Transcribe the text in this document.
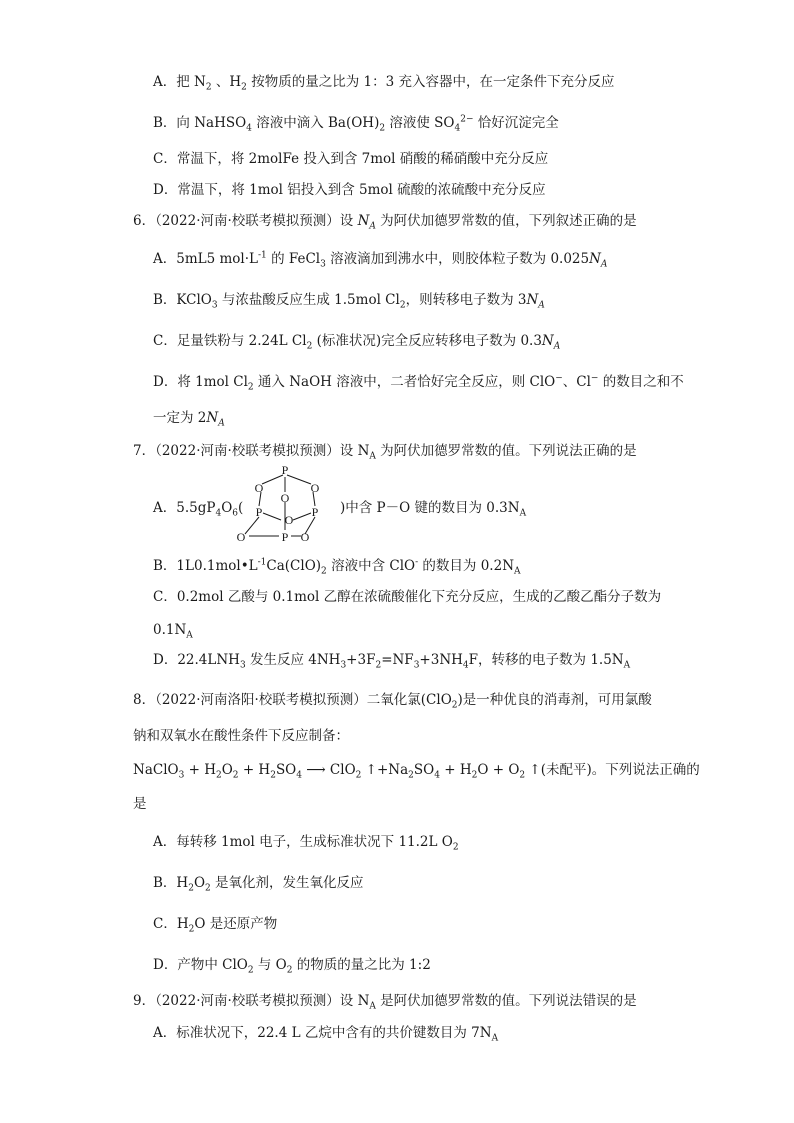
A．把 $N_2$ 、$H_2$ 按物质的量之比为 1：3 充入容器中，在一定条件下充分反应
B．向 NaHSO$_4$ 溶液中滴入 $Ba(OH)_2$ 溶液使 $SO_4^{2-}$ 恰好沉淀完全
C．常温下，将 2molFe 投入到含 7mol 硝酸的稀硝酸中充分反应
D．常温下，将 1mol 铝投入到含 5mol 硫酸的浓硫酸中充分反应
6．（2022·河南·校联考模拟预测）设 $N_A$ 为阿伏加德罗常数的值，下列叙述正确的是
A．5mL5 $mol\cdot L^{-1}$ 的 FeCl$_3$ 溶液滴加到沸水中，则胶体粒子数为 $0.025N_A$
B．KClO$_3$ 与浓盐酸反应生成 1.5mol $Cl_2$，则转移电子数为 $3N_A$
C．足量铁粉与 2.24L $Cl_2$ (标准状况)完全反应转移电子数为 $0.3N_A$
D．将 1mol $Cl_2$ 通入 NaOH 溶液中，二者恰好完全反应，则 ClO−、Cl− 的数目之和不
一定为 $2N_A$
7．（2022·河南·校联考模拟预测）设 $N_A$ 为阿伏加德罗常数的值。下列说法正确的是
A．$5.5gP_4O_6$(
P
O	O
O
P
O
P
O	P O
)中含 P－O 键的数目为 $0.3N_A$
B．$1L0.1mol•L^{-1}Ca(ClO)_2$ 溶液中含 ClO- 的数目为 $0.2N_A$
C．0.2mol 乙酸与 0.1mol 乙醇在浓硫酸催化下充分反应，生成的乙酸乙酯分子数为
$0.1N_A$
D．$22.4LNH_3$ 发生反应 $4NH_3+3F_2=NF_3+3NH_4F$，转移的电子数为 $1.5N_A$
8．（2022·河南洛阳·校联考模拟预测）二氧化氯(ClO$_2$)是一种优良的消毒剂，可用氯酸
钠和双氧水在酸性条件下反应制备：
NaClO$_3$ + $H_2O_2 + H_2SO_4$ ⟶ ClO$_2$ $↑+Na_2SO_4 + H_2O + O_2$ ↑(未配平)。下列说法正确的
是
A．每转移 1mol 电子，生成标准状况下 11.2L $O_2$
B．$H_2O_2$ 是氧化剂，发生氧化反应
C．$H_2O$ 是还原产物
D．产物中 ClO$_2$ 与 $O_2$ 的物质的量之比为 1:2
9．（2022·河南·校联考模拟预测）设 $N_A$ 是阿伏加德罗常数的值。下列说法错误的是
A．标准状况下，22.4 L 乙烷中含有的共价键数目为 $7N_A$
